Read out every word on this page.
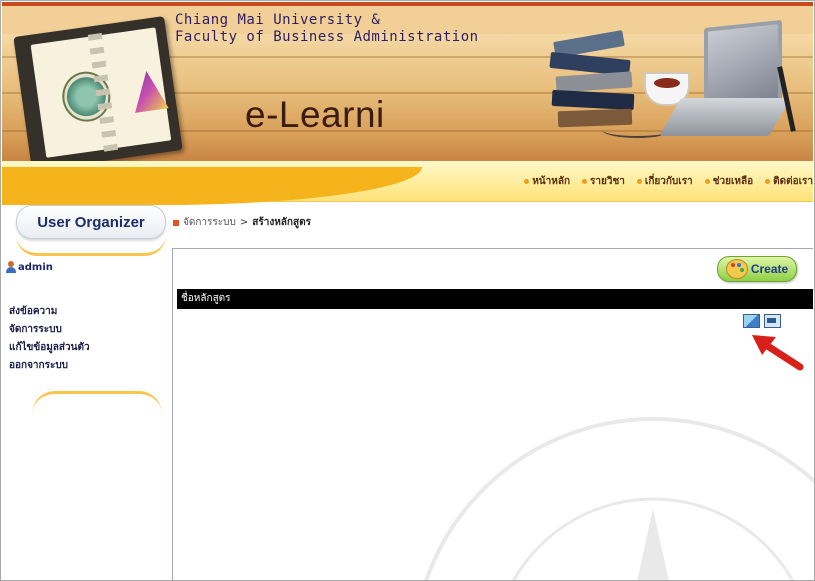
Chiang Mai University &
Faculty of Business Administration
e-Learni
หน้าหลัก รายวิชา เกี่ยวกับเรา ช่วยเหลือ ติดต่อเรา
User Organizer
admin
ส่งข้อความ
จัดการระบบ
แก้ไขข้อมูลส่วนตัว
ออกจากระบบ
จัดการระบบ > สร้างหลักสูตร
Create
ชื่อหลักสูตร
